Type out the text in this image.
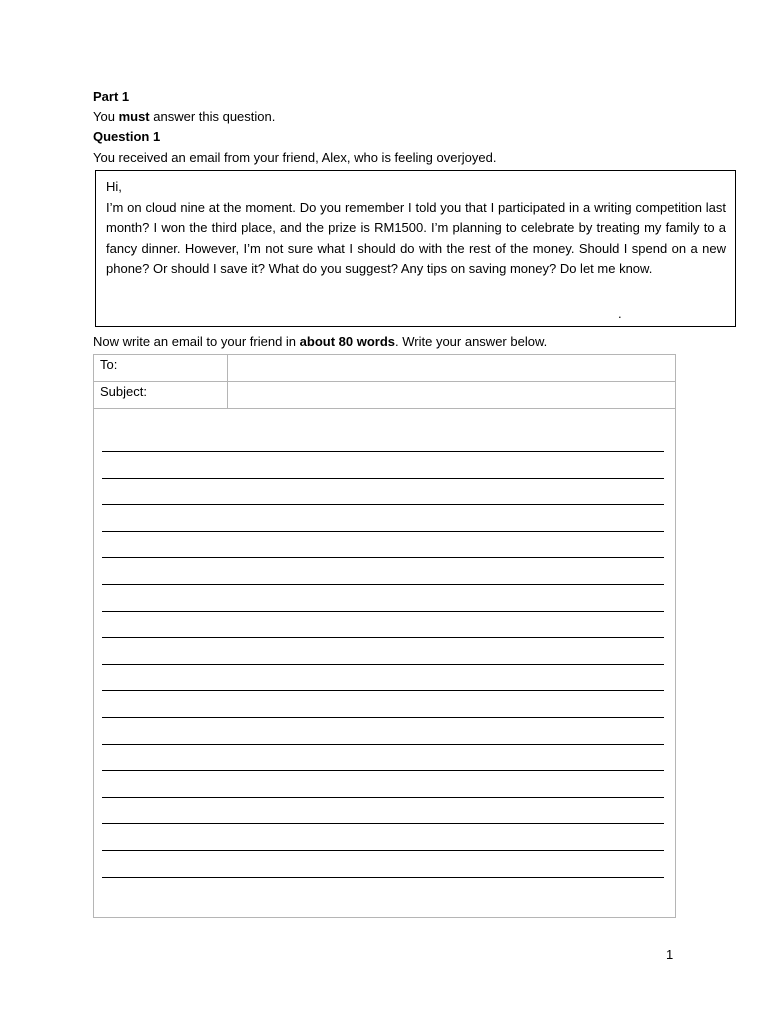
Part 1
You must answer this question.
Question 1
You received an email from your friend, Alex, who is feeling overjoyed.

Hi,

I’m on cloud nine at the moment. Do you remember I told you that I participated in a writing competition last month? I won the third place, and the prize is RM1500. I’m planning to celebrate by treating my family to a fancy dinner. However, I’m not sure what I should do with the rest of the money. Should I spend on a new phone? Or should I save it? What do you suggest? Any tips on saving money? Do let me know.

.
Now write an email to your friend in about 80 words. Write your answer below.
To:
Subject:
1
